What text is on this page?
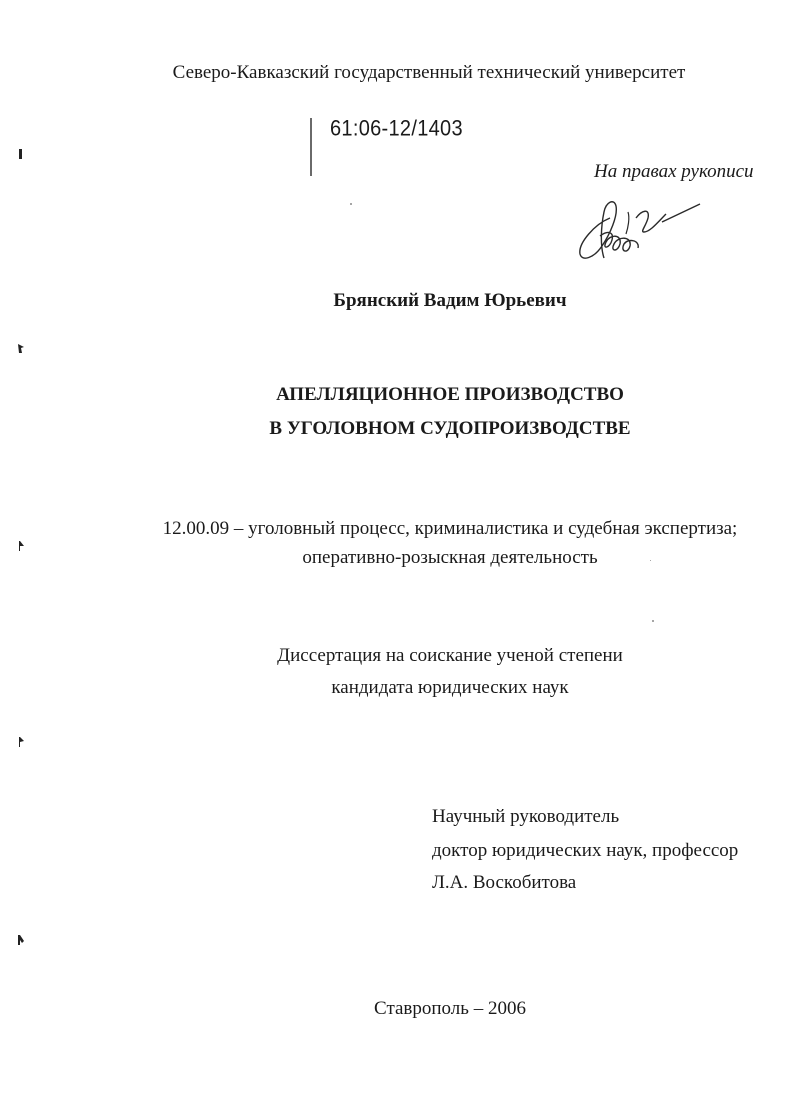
Северо-Кавказский государственный технический университет
61:06-12/1403
На правах рукописи
Брянский Вадим Юрьевич
АПЕЛЛЯЦИОННОЕ ПРОИЗВОДСТВО
В УГОЛОВНОМ СУДОПРОИЗВОДСТВЕ
12.00.09 – уголовный процесс, криминалистика и судебная экспертиза;
оперативно-розыскная деятельность
Диссертация на соискание ученой степени
кандидата юридических наук
Научный руководитель
доктор юридических наук, профессор
Л.А. Воскобитова
Ставрополь – 2006
